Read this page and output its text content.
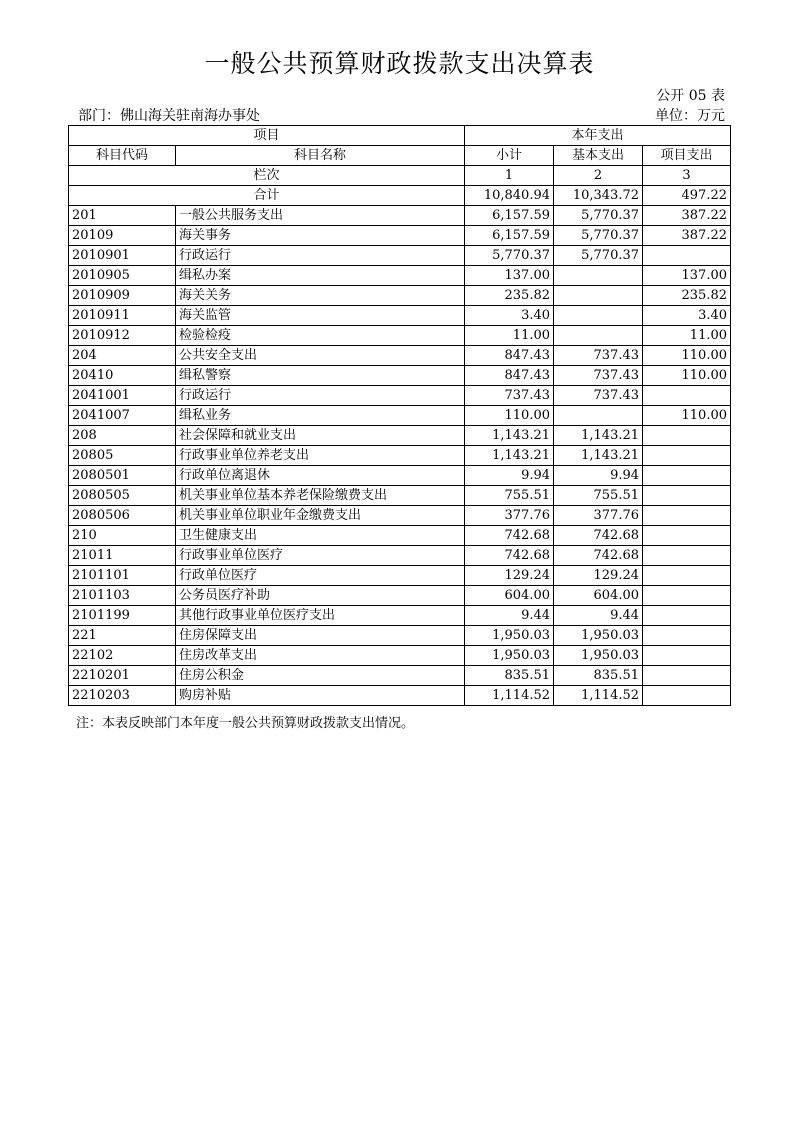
一般公共预算财政拨款支出决算表
公开 05 表
部门：佛山海关驻南海办事处	单位：万元
项目		本年支出		
科目代码	科目名称	小计	基本支出	项目支出
栏次		1	2	3
合计		10,840.94	10,343.72	497.22
201	一般公共服务支出	6,157.59	5,770.37	387.22
20109	海关事务	6,157.59	5,770.37	387.22
2010901	行政运行	5,770.37	5,770.37	
2010905	缉私办案	137.00		137.00
2010909	海关关务	235.82		235.82
2010911	海关监管	3.40		3.40
2010912	检验检疫	11.00		11.00
204	公共安全支出	847.43	737.43	110.00
20410	缉私警察	847.43	737.43	110.00
2041001	行政运行	737.43	737.43	
2041007	缉私业务	110.00		110.00
208	社会保障和就业支出	1,143.21	1,143.21	
20805	行政事业单位养老支出	1,143.21	1,143.21	
2080501	行政单位离退休	9.94	9.94	
2080505	机关事业单位基本养老保险缴费支出	755.51	755.51	
2080506	机关事业单位职业年金缴费支出	377.76	377.76	
210	卫生健康支出	742.68	742.68	
21011	行政事业单位医疗	742.68	742.68	
2101101	行政单位医疗	129.24	129.24	
2101103	公务员医疗补助	604.00	604.00	
2101199	其他行政事业单位医疗支出	9.44	9.44	
221	住房保障支出	1,950.03	1,950.03	
22102	住房改革支出	1,950.03	1,950.03	
2210201	住房公积金	835.51	835.51	
2210203	购房补贴	1,114.52	1,114.52	
注：本表反映部门本年度一般公共预算财政拨款支出情况。
